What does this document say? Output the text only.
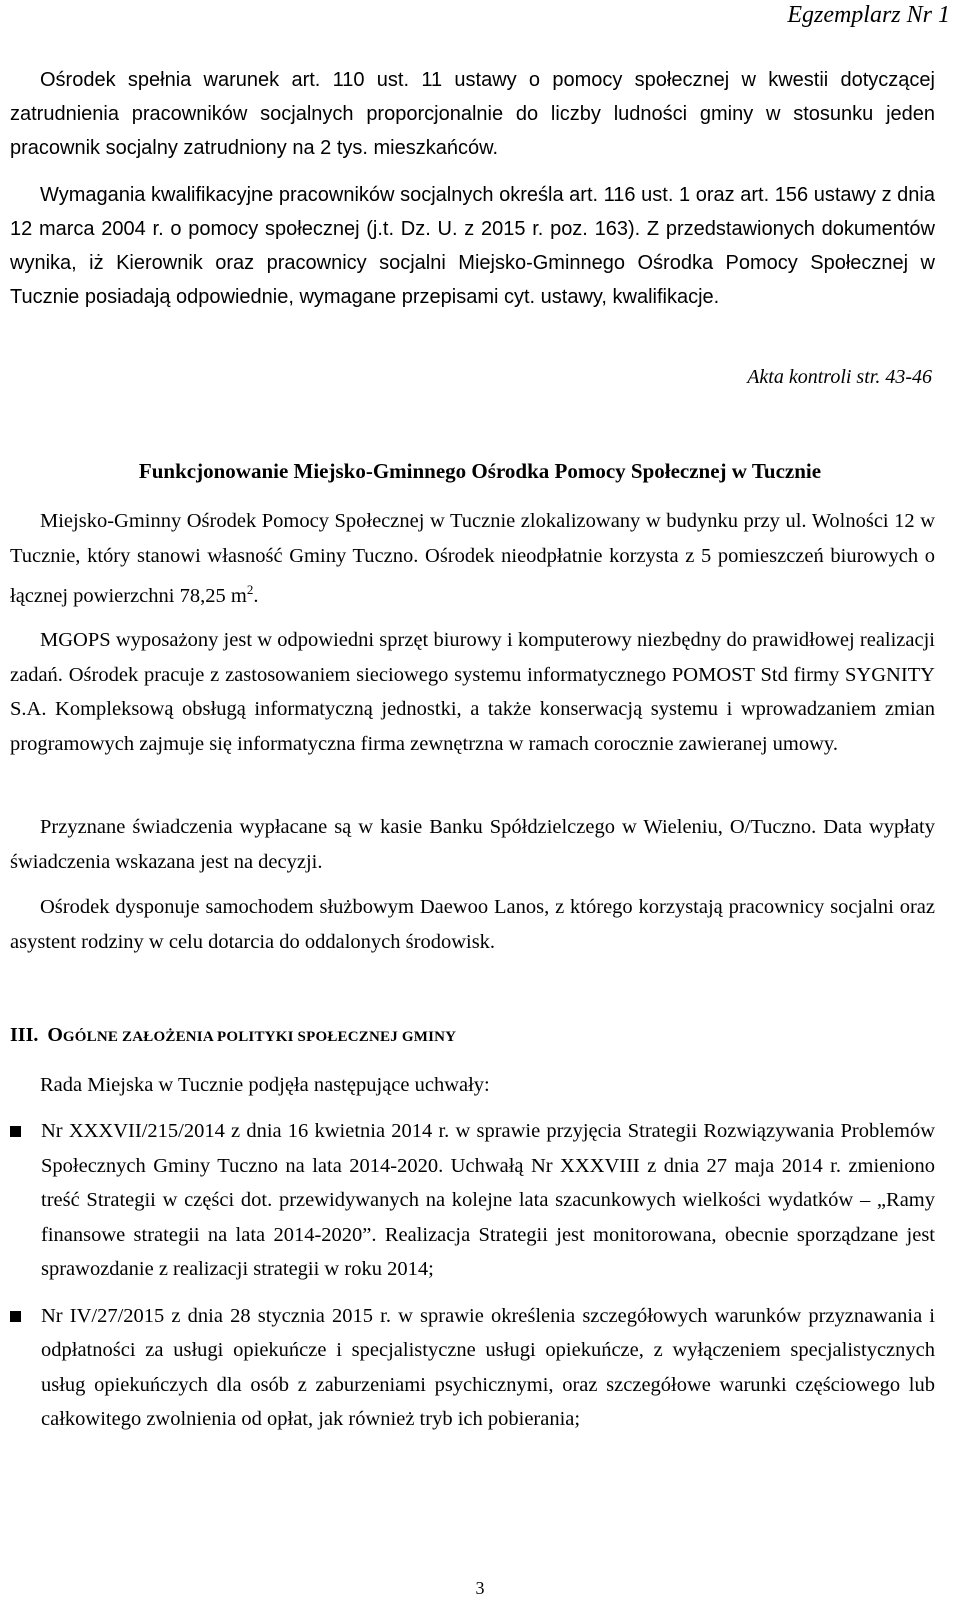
Egzemplarz Nr 1

Ośrodek spełnia warunek art. 110 ust. 11 ustawy o pomocy społecznej w kwestii dotyczącej zatrudnienia pracowników socjalnych proporcjonalnie do liczby ludności gminy w stosunku jeden pracownik socjalny zatrudniony na 2 tys. mieszkańców.

Wymagania kwalifikacyjne pracowników socjalnych określa art. 116 ust. 1 oraz art. 156 ustawy z dnia 12 marca 2004 r. o pomocy społecznej (j.t. Dz. U. z 2015 r. poz. 163). Z przedstawionych dokumentów wynika, iż Kierownik oraz pracownicy socjalni Miejsko-Gminnego Ośrodka Pomocy Społecznej w Tucznie posiadają odpowiednie, wymagane przepisami cyt. ustawy, kwalifikacje.

Akta kontroli str. 43-46
Funkcjonowanie Miejsko-Gminnego Ośrodka Pomocy Społecznej w Tucznie

Miejsko-Gminny Ośrodek Pomocy Społecznej w Tucznie zlokalizowany w budynku przy ul. Wolności 12 w Tucznie, który stanowi własność Gminy Tuczno. Ośrodek nieodpłatnie korzysta z 5 pomieszczeń biurowych o łącznej powierzchni 78,25 $m^2$.

MGOPS wyposażony jest w odpowiedni sprzęt biurowy i komputerowy niezbędny do prawidłowej realizacji zadań. Ośrodek pracuje z zastosowaniem sieciowego systemu informatycznego POMOST Std firmy SYGNITY S.A. Kompleksową obsługą informatyczną jednostki, a także konserwacją systemu i wprowadzaniem zmian programowych zajmuje się informatyczna firma zewnętrzna w ramach corocznie zawieranej umowy.

Przyznane świadczenia wypłacane są w kasie Banku Spółdzielczego w Wieleniu, O/Tuczno. Data wypłaty świadczenia wskazana jest na decyzji.

Ośrodek dysponuje samochodem służbowym Daewoo Lanos, z którego korzystają pracownicy socjalni oraz asystent rodziny w celu dotarcia do oddalonych środowisk.

III. OGÓLNE ZAŁOŻENIA POLITYKI SPOŁECZNEJ GMINY
Rada Miejska w Tucznie podjęła następujące uchwały:
Nr XXXVII/215/2014 z dnia 16 kwietnia 2014 r. w sprawie przyjęcia Strategii Rozwiązywania Problemów Społecznych Gminy Tuczno na lata 2014-2020. Uchwałą Nr XXXVIII z dnia 27 maja 2014 r. zmieniono treść Strategii w części dot. przewidywanych na kolejne lata szacunkowych wielkości wydatków – „Ramy finansowe strategii na lata 2014-2020”. Realizacja Strategii jest monitorowana, obecnie sporządzane jest sprawozdanie z realizacji strategii w roku 2014;
Nr IV/27/2015 z dnia 28 stycznia 2015 r. w sprawie określenia szczegółowych warunków przyznawania i odpłatności za usługi opiekuńcze i specjalistyczne usługi opiekuńcze, z wyłączeniem specjalistycznych usług opiekuńczych dla osób z zaburzeniami psychicznymi, oraz szczegółowe warunki częściowego lub całkowitego zwolnienia od opłat, jak również tryb ich pobierania;
3
